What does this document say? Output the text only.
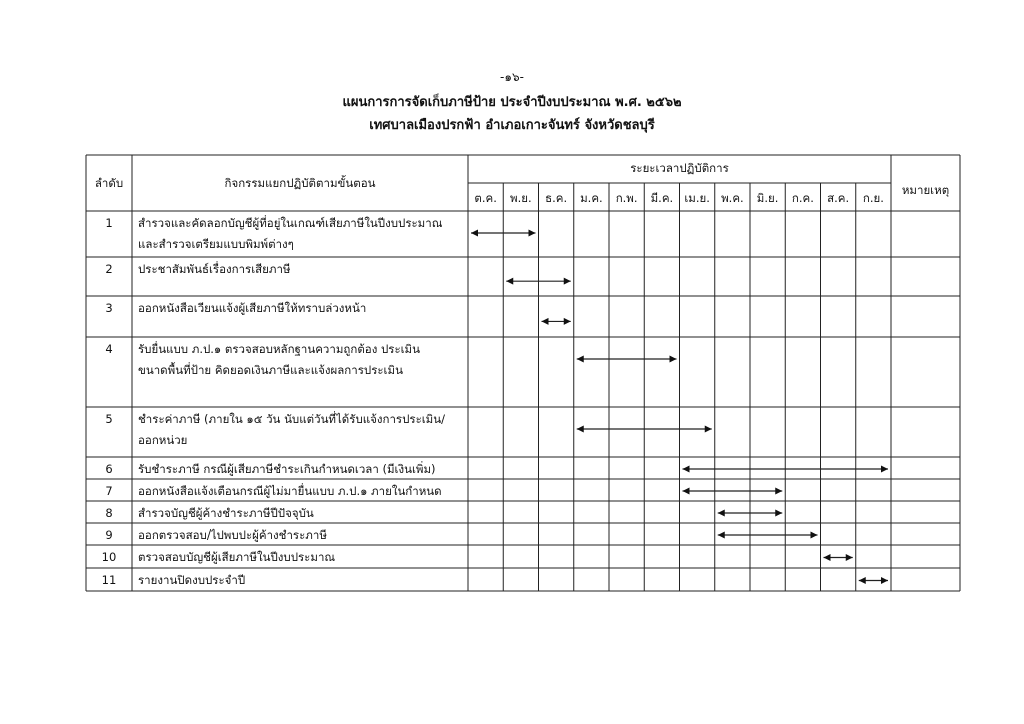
-๑๖-
แผนการการจัดเก็บภาษีป้าย ประจำปีงบประมาณ พ.ศ. ๒๕๖๒
เทศบาลเมืองปรกฟ้า อำเภอเกาะจันทร์ จังหวัดชลบุรี
ลำดับ	กิจกรรมแยกปฏิบัติตามขั้นตอน
ระยะเวลาปฏิบัติการ
หมายเหตุ
ต.ค.	พ.ย.	ธ.ค.	ม.ค.	ก.พ.	มี.ค. เม.ย. พ.ค.	มิ.ย.	ก.ค.	ส.ค.	ก.ย.
1	สำรวจและคัดลอกบัญชีผู้ที่อยู่ในเกณฑ์เสียภาษีในปีงบประมาณ
และสำรวจเตรียมแบบพิมพ์ต่างๆ
2	ประชาสัมพันธ์เรื่องการเสียภาษี
3	ออกหนังสือเวียนแจ้งผู้เสียภาษีให้ทราบล่วงหน้า
4	รับยื่นแบบ ภ.ป.๑ ตรวจสอบหลักฐานความถูกต้อง ประเมิน
ขนาดพื้นที่ป้าย คิดยอดเงินภาษีและแจ้งผลการประเมิน
5	ชำระค่าภาษี (ภายใน ๑๕ วัน นับแต่วันที่ได้รับแจ้งการประเมิน/
ออกหน่วย
6	รับชำระภาษี กรณีผู้เสียภาษีชำระเกินกำหนดเวลา (มีเงินเพิ่ม)
7	ออกหนังสือแจ้งเตือนกรณีผู้ไม่มายื่นแบบ ภ.ป.๑ ภายในกำหนด
8	สำรวจบัญชีผู้ค้างชำระภาษีปีปัจจุบัน
9	ออกตรวจสอบ/ไปพบปะผู้ค้างชำระภาษี
10	ตรวจสอบบัญชีผู้เสียภาษีในปีงบประมาณ
11	รายงานปิดงบประจำปี
